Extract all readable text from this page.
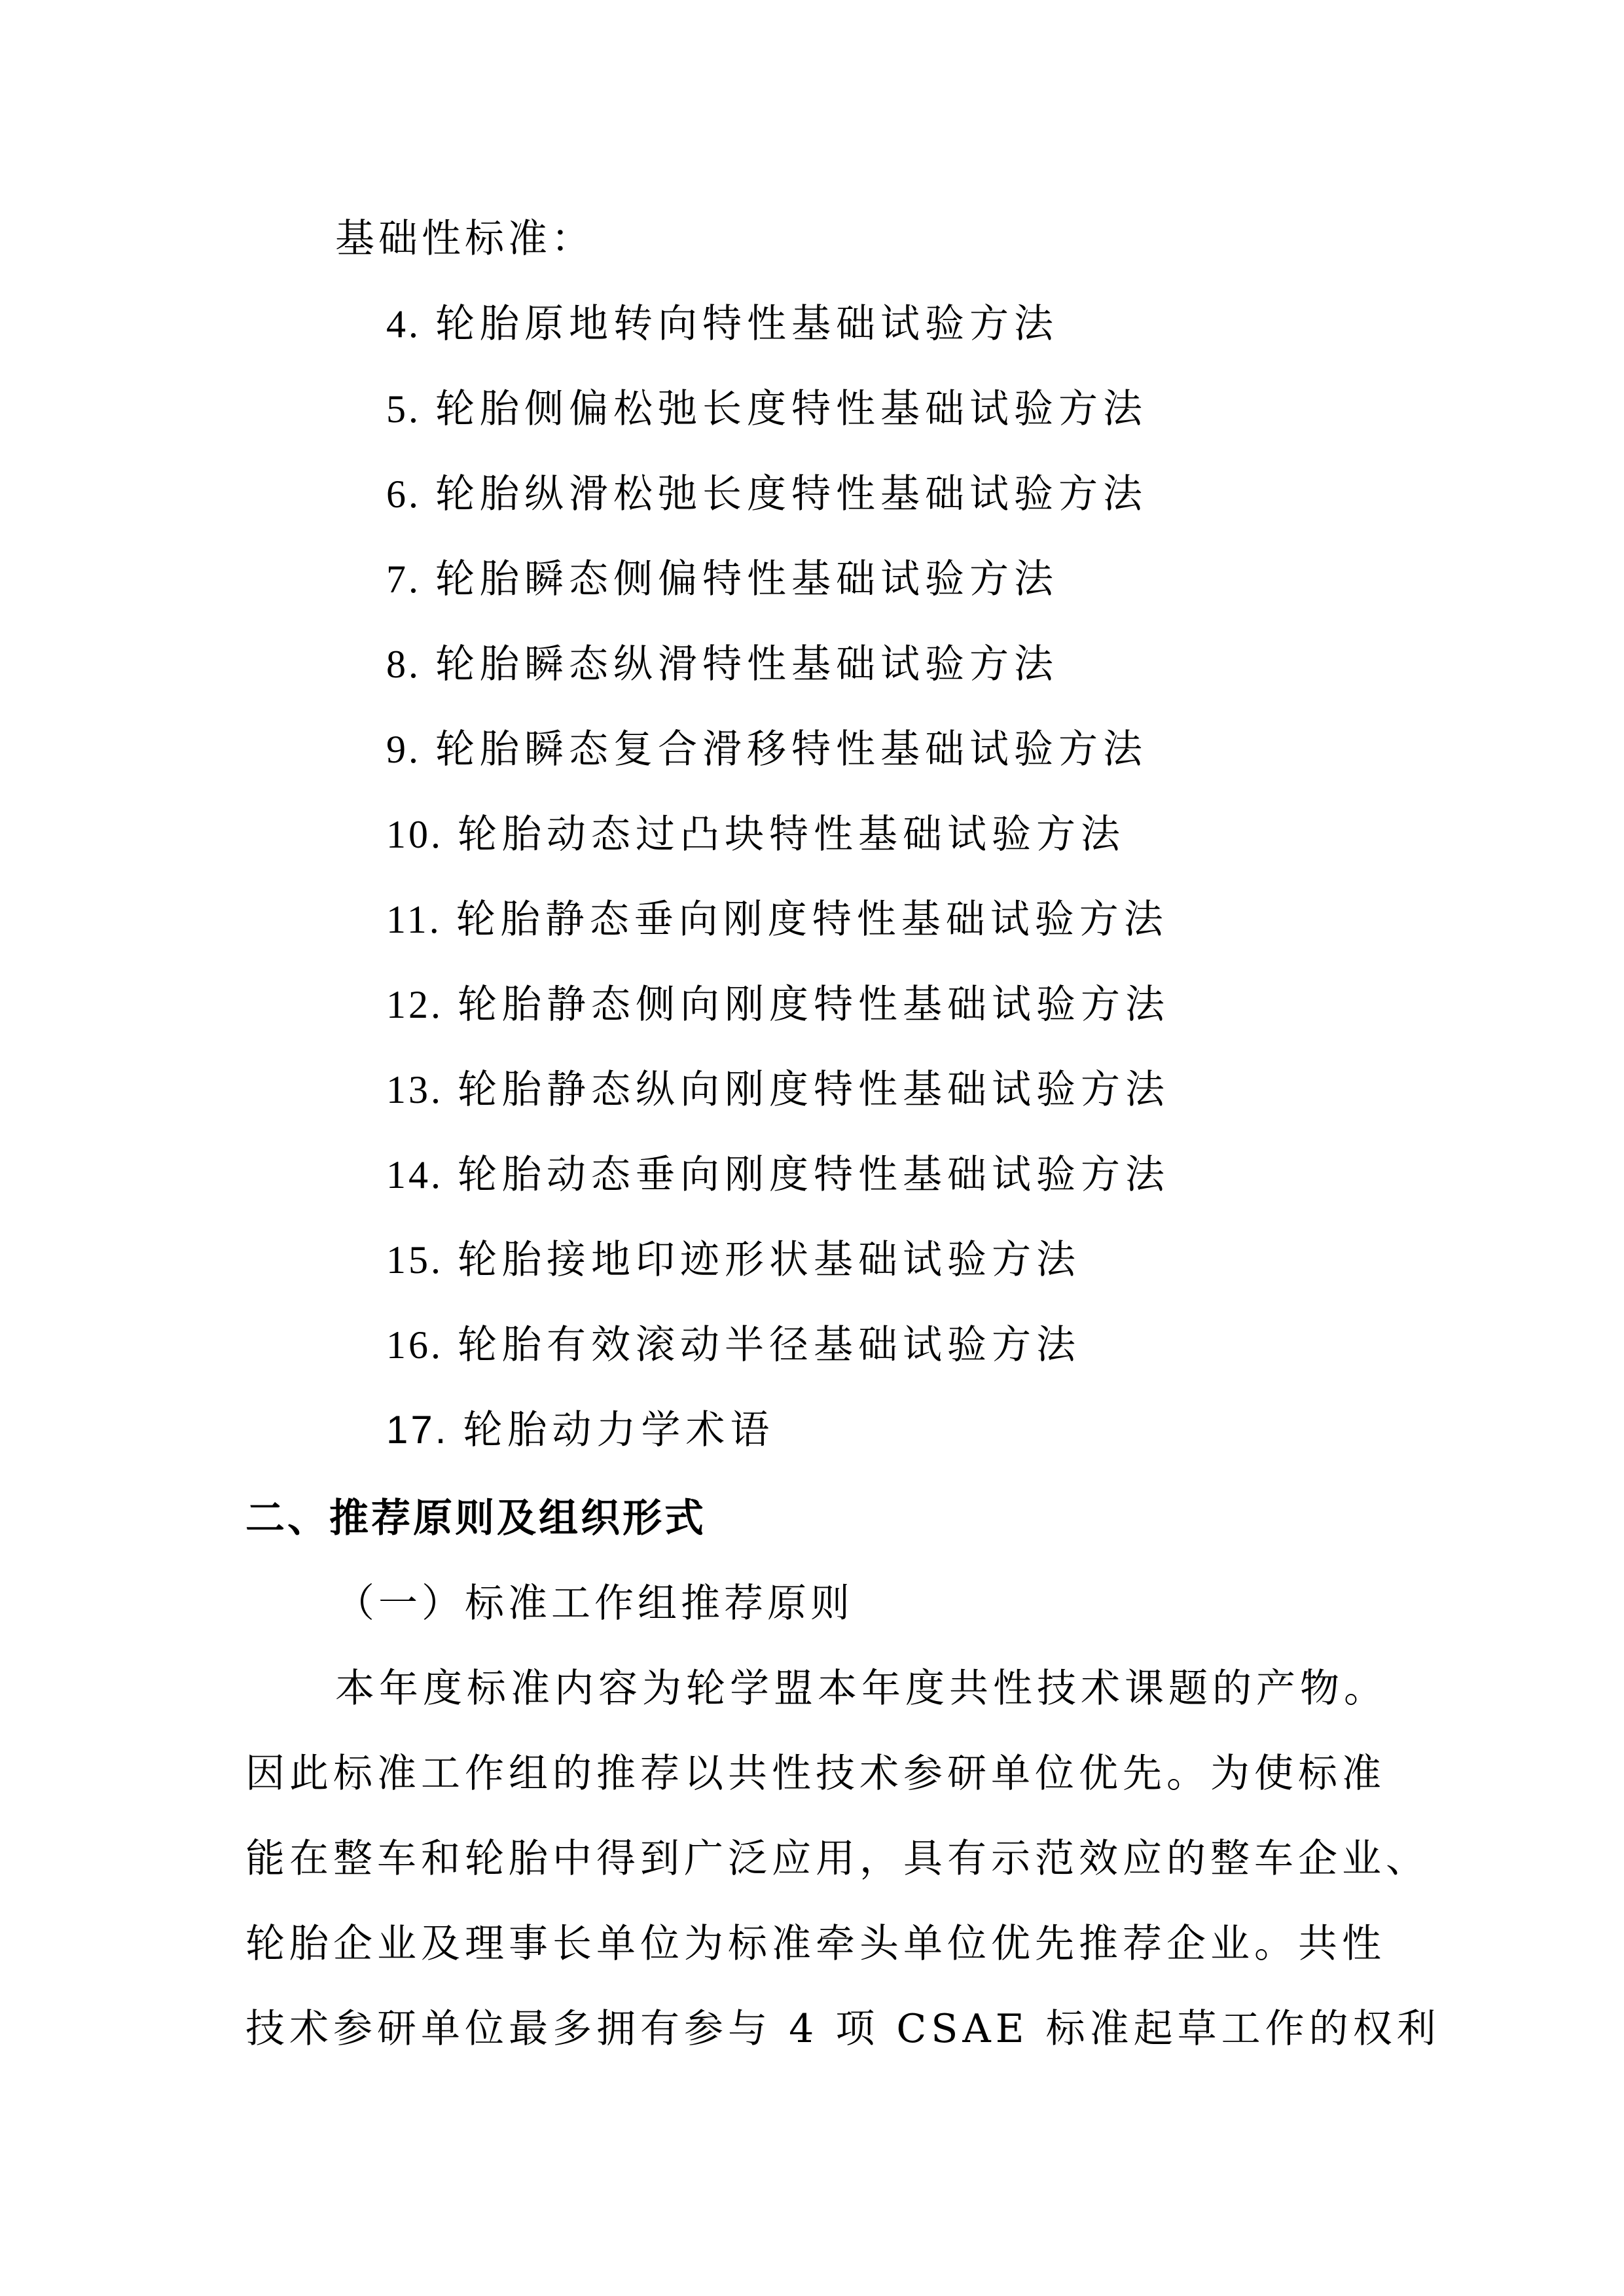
基础性标准：
4. 轮胎原地转向特性基础试验方法
5. 轮胎侧偏松弛长度特性基础试验方法
6. 轮胎纵滑松弛长度特性基础试验方法
7. 轮胎瞬态侧偏特性基础试验方法
8. 轮胎瞬态纵滑特性基础试验方法
9. 轮胎瞬态复合滑移特性基础试验方法
10. 轮胎动态过凸块特性基础试验方法
11. 轮胎静态垂向刚度特性基础试验方法
12. 轮胎静态侧向刚度特性基础试验方法
13. 轮胎静态纵向刚度特性基础试验方法
14. 轮胎动态垂向刚度特性基础试验方法
15. 轮胎接地印迹形状基础试验方法
16. 轮胎有效滚动半径基础试验方法
17. 轮胎动力学术语
二、推荐原则及组织形式
（一）标准工作组推荐原则
本年度标准内容为轮学盟本年度共性技术课题的产物。
因此标准工作组的推荐以共性技术参研单位优先。为使标准
能在整车和轮胎中得到广泛应用，具有示范效应的整车企业、
轮胎企业及理事长单位为标准牵头单位优先推荐企业。共性
技术参研单位最多拥有参与 4 项 CSAE 标准起草工作的权利
